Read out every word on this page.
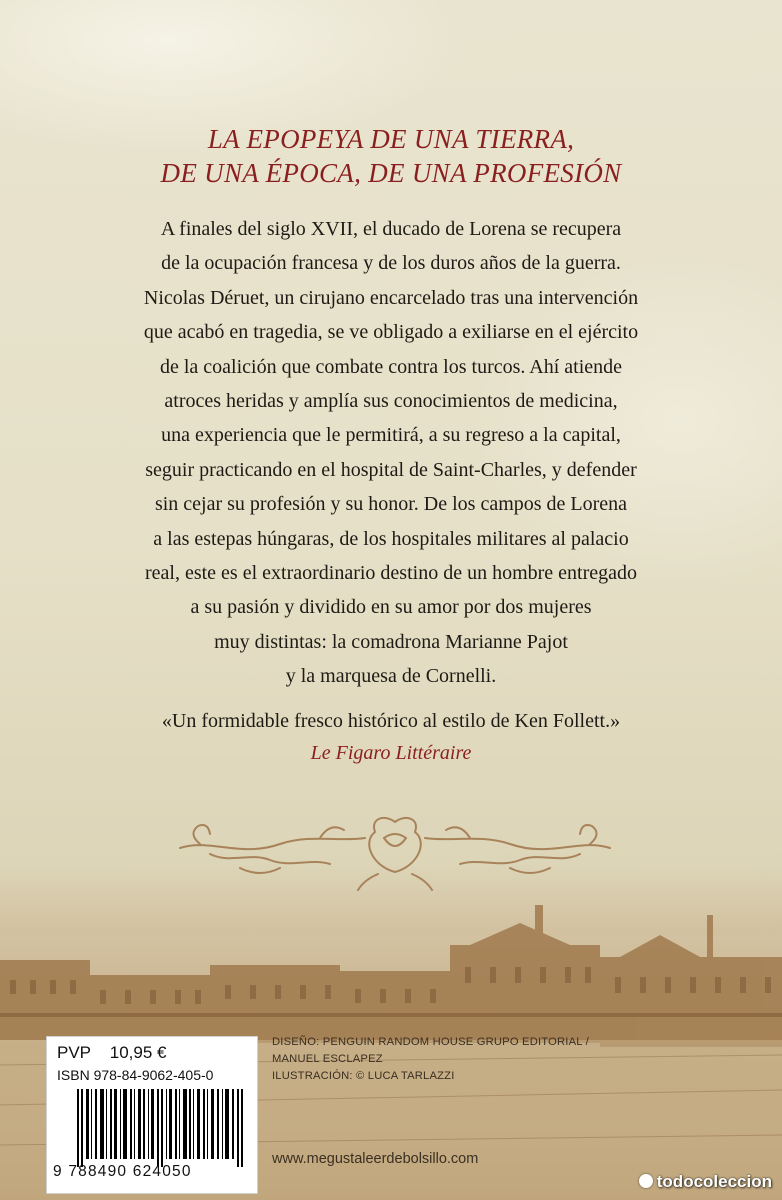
LA EPOPEYA DE UNA TIERRA,
DE UNA ÉPOCA, DE UNA PROFESIÓN
A finales del siglo XVII, el ducado de Lorena se recupera
de la ocupación francesa y de los duros años de la guerra.
Nicolas Déruet, un cirujano encarcelado tras una intervención
que acabó en tragedia, se ve obligado a exiliarse en el ejército
de la coalición que combate contra los turcos. Ahí atiende
atroces heridas y amplía sus conocimientos de medicina,
una experiencia que le permitirá, a su regreso a la capital,
seguir practicando en el hospital de Saint-Charles, y defender
sin cejar su profesión y su honor. De los campos de Lorena
a las estepas húngaras, de los hospitales militares al palacio
real, este es el extraordinario destino de un hombre entregado
a su pasión y dividido en su amor por dos mujeres
muy distintas: la comadrona Marianne Pajot
y la marquesa de Cornelli.
«Un formidable fresco histórico al estilo de Ken Follett.»
Le Figaro Littéraire
PVP 10,95 €
ISBN 978-84-9062-405-0
9 788490 624050
DISEÑO: PENGUIN RANDOM HOUSE GRUPO EDITORIAL /
MANUEL ESCLAPEZ
ILUSTRACIÓN: © LUCA TARLAZZI
www.megustaleerdebolsillo.com
todocoleccion
